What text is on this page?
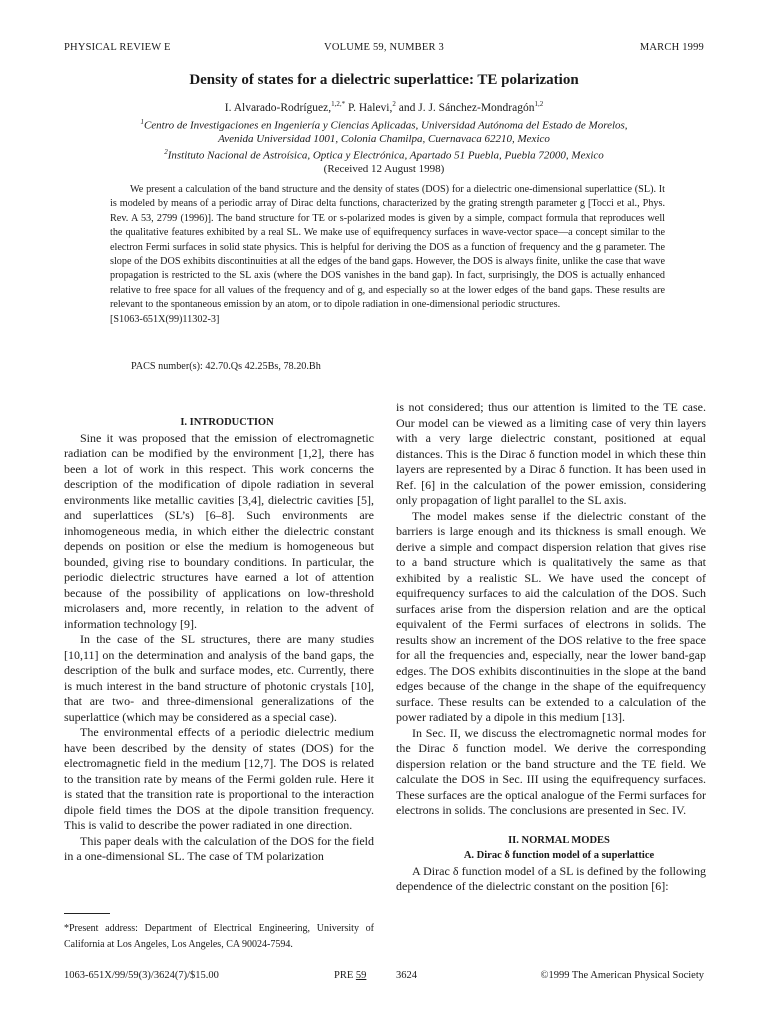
PHYSICAL REVIEW E	VOLUME 59, NUMBER 3	MARCH 1999
Density of states for a dielectric superlattice: TE polarization
I. Alvarado-Rodríguez,$^{1,2,*}$ P. Halevi,$^2$ and J. J. Sánchez-Mondragón$^{1,2}$
$^1$Centro de Investigaciones en Ingeniería y Ciencias Aplicadas, Universidad Autónoma del Estado de Morelos,
Avenida Universidad 1001, Colonia Chamilpa, Cuernavaca 62210, Mexico
$^2$Instituto Nacional de Astroísica, Optica y Electrónica, Apartado 51 Puebla, Puebla 72000, Mexico
(Received 12 August 1998)

We present a calculation of the band structure and the density of states (DOS) for a dielectric one-dimensional superlattice (SL). It is modeled by means of a periodic array of Dirac delta functions, characterized by the grating strength parameter g [Tocci et al., Phys. Rev. A 53, 2799 (1996)]. The band structure for TE or s-polarized modes is given by a simple, compact formula that reproduces well the qualitative features exhibited by a real SL. We make use of equifrequency surfaces in wave-vector space—a concept similar to the electron Fermi surfaces in solid state physics. This is helpful for deriving the DOS as a function of frequency and the g parameter. The slope of the DOS exhibits discontinuities at all the edges of the band gaps. However, the DOS is always finite, unlike the case that wave propagation is restricted to the SL axis (where the DOS vanishes in the band gap). In fact, surprisingly, the DOS is actually enhanced relative to free space for all values of the frequency and of g, and especially so at the lower edges of the band gaps. These results are relevant to the spontaneous emission by an atom, or to dipole radiation in one-dimensional periodic structures.

[S1063-651X(99)11302-3]
PACS number(s): 42.70.Qs 42.25Bs, 78.20.Bh

I. INTRODUCTION

Sine it was proposed that the emission of electromagnetic radiation can be modified by the environment [1,2], there has been a lot of work in this respect. This work concerns the description of the modification of dipole radiation in several environments like metallic cavities [3,4], dielectric cavities [5], and superlattices (SL’s) [6–8]. Such environments are inhomogeneous media, in which either the dielectric constant depends on position or else the medium is homogeneous but bounded, giving rise to boundary conditions. In particular, the periodic dielectric structures have earned a lot of attention because of the possibility of applications on low-threshold microlasers and, more recently, in relation to the advent of information technology [9].

In the case of the SL structures, there are many studies [10,11] on the determination and analysis of the band gaps, the description of the bulk and surface modes, etc. Currently, there is much interest in the band structure of photonic crystals [10], that are two- and three-dimensional generalizations of the superlattice (which may be considered as a special case).

The environmental effects of a periodic dielectric medium have been described by the density of states (DOS) for the electromagnetic field in the medium [12,7]. The DOS is related to the transition rate by means of the Fermi golden rule. Here it is stated that the transition rate is proportional to the interaction dipole field times the DOS at the dipole transition frequency. This is valid to describe the power radiated in one direction.

This paper deals with the calculation of the DOS for the field in a one-dimensional SL. The case of TM polarization

*Present address: Department of Electrical Engineering, University of California at Los Angeles, Los Angeles, CA 90024-7594.

is not considered; thus our attention is limited to the TE case. Our model can be viewed as a limiting case of very thin layers with a very large dielectric constant, positioned at equal distances. This is the Dirac δ function model in which these thin layers are represented by a Dirac δ function. It has been used in Ref. [6] in the calculation of the power emission, considering only propagation of light parallel to the SL axis.

The model makes sense if the dielectric constant of the barriers is large enough and its thickness is small enough. We derive a simple and compact dispersion relation that gives rise to a band structure which is qualitatively the same as that exhibited by a realistic SL. We have used the concept of equifrequency surfaces to aid the calculation of the DOS. Such surfaces arise from the dispersion relation and are the optical equivalent of the Fermi surfaces of electrons in solids. The results show an increment of the DOS relative to the free space for all the frequencies and, especially, near the lower band-gap edges. The DOS exhibits discontinuities in the slope at the band edges because of the change in the shape of the equifrequency surface. These results can be extended to a calculation of the power radiated by a dipole in this medium [13].

In Sec. II, we discuss the electromagnetic normal modes for the Dirac δ function model. We derive the corresponding dispersion relation or the band structure and the TE field. We calculate the DOS in Sec. III using the equifrequency surfaces. These surfaces are the optical analogue of the Fermi surfaces for electrons in solids. The conclusions are presented in Sec. IV.

II. NORMAL MODES

A. Dirac δ function model of a superlattice

A Dirac δ function model of a SL is defined by the following dependence of the dielectric constant on the position [6]:

1063-651X/99/59(3)/3624(7)/$15.00	PRE 59	3624	©1999 The American Physical Society
